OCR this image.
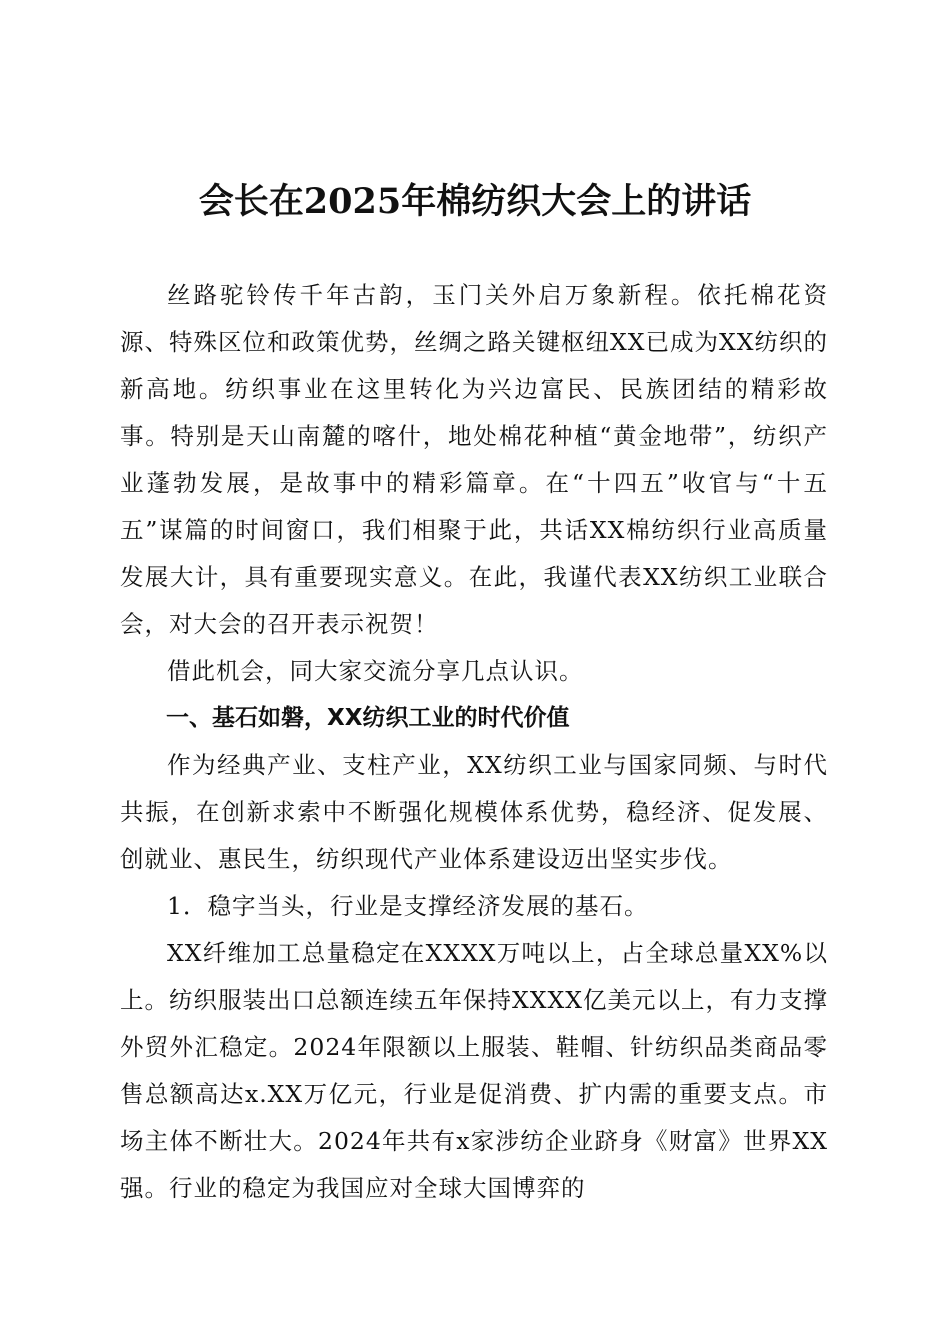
会长在2025年棉纺织大会上的讲话

丝路驼铃传千年古韵，玉门关外启万象新程。依托棉花资源、特殊区位和政策优势，丝绸之路关键枢纽XX已成为XX纺织的新高地。纺织事业在这里转化为兴边富民、民族团结的精彩故事。特别是天山南麓的喀什，地处棉花种植“黄金地带”，纺织产业蓬勃发展，是故事中的精彩篇章。在“十四五”收官与“十五五”谋篇的时间窗口，我们相聚于此，共话XX棉纺织行业高质量发展大计，具有重要现实意义。在此，我谨代表XX纺织工业联合会，对大会的召开表示祝贺！

借此机会，同大家交流分享几点认识。

一、基石如磐，XX纺织工业的时代价值

作为经典产业、支柱产业，XX纺织工业与国家同频、与时代共振，在创新求索中不断强化规模体系优势，稳经济、促发展、创就业、惠民生，纺织现代产业体系建设迈出坚实步伐。

1．稳字当头，行业是支撑经济发展的基石。

XX纤维加工总量稳定在XXXX万吨以上，占全球总量XX%以上。纺织服装出口总额连续五年保持XXXX亿美元以上，有力支撑外贸外汇稳定。2024年限额以上服装、鞋帽、针纺织品类商品零售总额高达x.XX万亿元，行业是促消费、扩内需的重要支点。市场主体不断壮大。2024年共有x家涉纺企业跻身《财富》世界XX强。行业的稳定为我国应对全球大国博弈的
